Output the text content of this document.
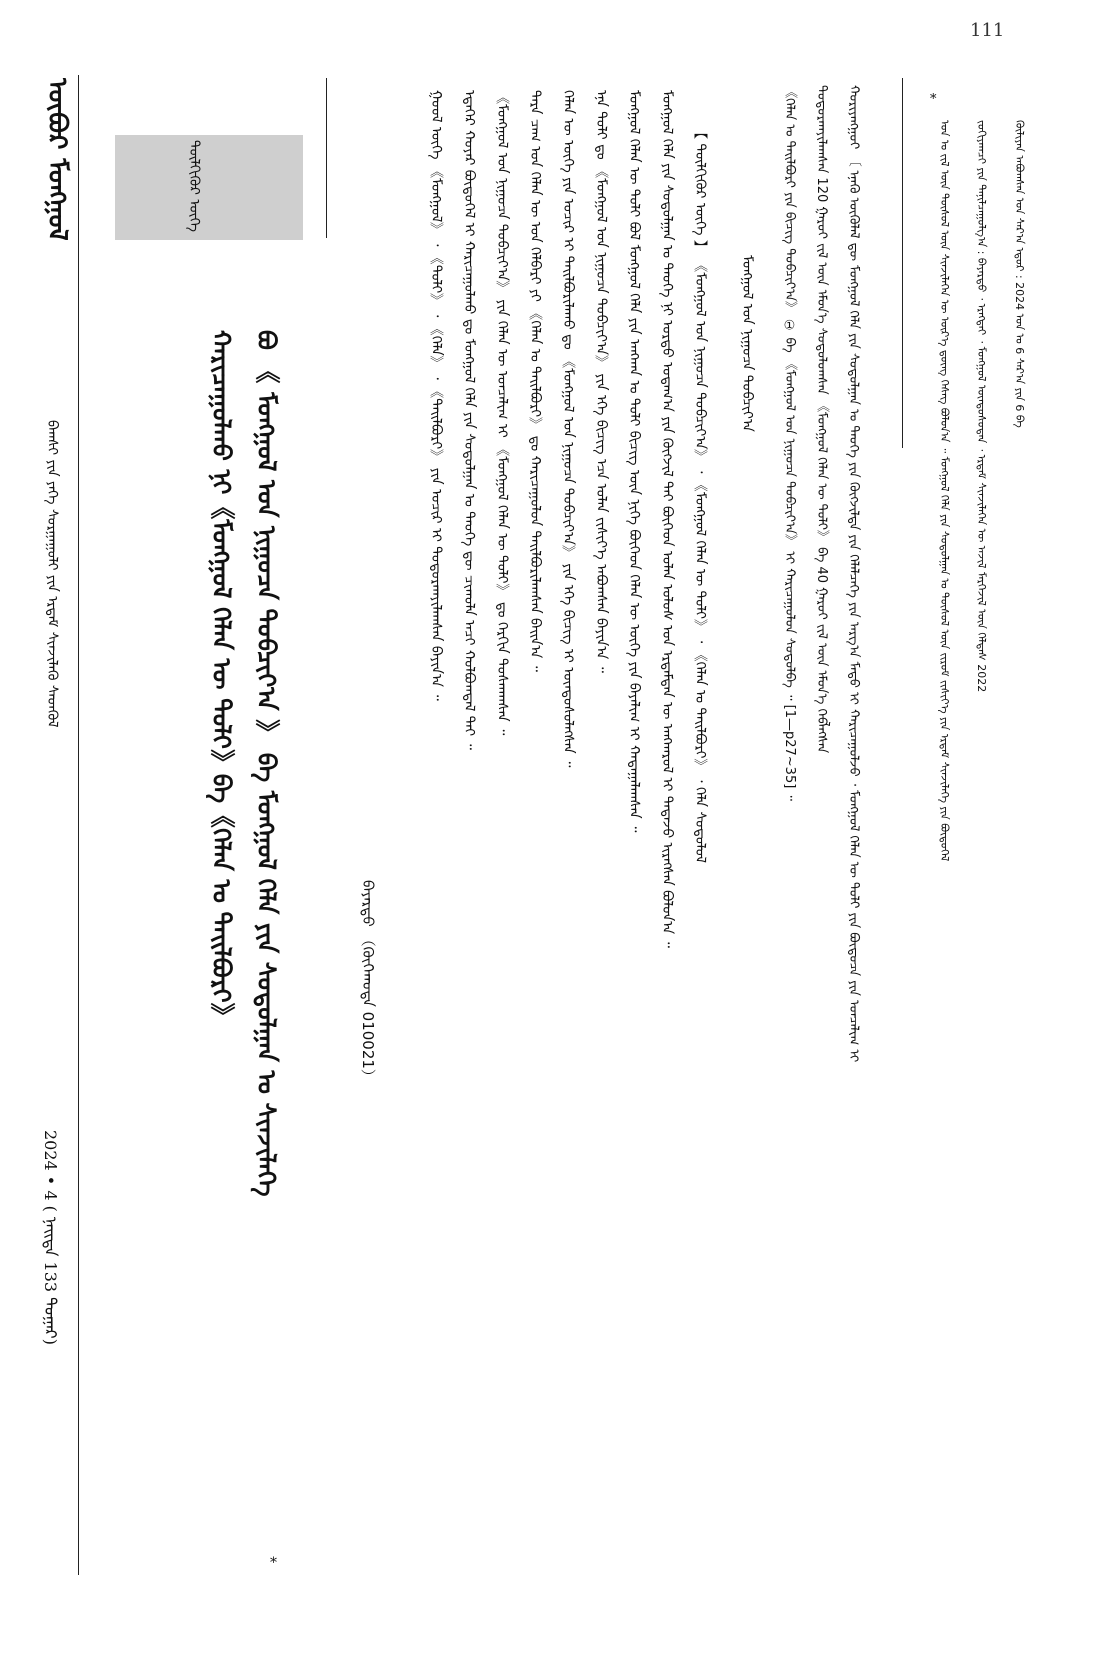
111
ᠥᠪᠦᠷ ᠮᠣᠩᠭᠣᠯ
ᠪᠠᠭᠰᠢ ᠶᠢᠨ ᠶᠡᠬᠡ ᠰᠤᠷᠭᠠᠭᠤᠯᠢ ᠶᠢᠨ ᠡᠷᠳᠡᠮ ᠰᠢᠨᠵᠢᠯᠡᠬᠦ ᠰᠡᠳᠬᠦᠯ
2024 • 4 ( ᠨᠡᠢᠲᠡ 133 ᠳᠤᠭᠠᠷ)
ᠲᠦᠯᠬᠢᠭᠦᠷ ᠦᠭᠡ
ᠪᠣ 《 ᠮᠣᠩᠭᠣᠯ ᠤᠨ ᠨᠢᠭᠤᠴᠠ ᠲᠣᠪᠴᠢᠶ᠎ᠠ 》 ᠪᠠ ᠮᠣᠩᠭᠣᠯ ᠬᠡᠯᠡ ᠶᠢᠨ ᠰᠤᠳᠤᠯᠭᠠᠨ ᠤ ᠰᠢᠨᠵᠢᠯᠡᠭᠡ
ᠬᠠᠷᠢᠴᠠᠭᠤᠯᠬᠤ ᠨᠢ《ᠮᠣᠩᠭᠣᠯ ᠬᠡᠯᠡᠨ ᠦ ᠲᠣᠯᠢ》ᠪᠠ《ᠬᠡᠯᠡᠨ ᠤ ᠲᠠᠢᠯᠪᠤᠷᠢ》
*
ᠪᠠᠶᠠᠷᠲᠤ （ᠬᠥᠬᠡᠬᠣᠲᠠ 010021）
ᠮᠣᠩᠭᠣᠯ ᠤᠨ ᠨᠢᠭᠤᠴᠠ ᠲᠣᠪᠴᠢᠶ᠎ᠠ
【 ᠲᠦᠯᠬᠢᠭᠦᠷ ᠦᠭᠡ 】 《ᠮᠣᠩᠭᠣᠯ ᠤᠨ ᠨᠢᠭᠤᠴᠠ ᠲᠣᠪᠴᠢᠶ᠎ᠠ》 ᠂ 《ᠮᠣᠩᠭᠣᠯ ᠬᠡᠯᠡᠨ ᠦ ᠲᠣᠯᠢ》 ᠂ 《ᠬᠡᠯᠡᠨ ᠤ ᠲᠠᠢᠯᠪᠤᠷᠢ》 ᠂ ᠬᠡᠯᠡ ᠰᠤᠳᠤᠯᠤᠯ
ᠮᠣᠩᠭᠣᠯ ᠬᠡᠯᠡ ᠶᠢᠨ ᠰᠤᠳᠤᠯᠭᠠᠨ ᠤ ᠲᠡᠦᠬᠡ ᠨᠢ ᠤᠷᠲᠤ ᠤᠳᠠᠭ᠎ᠠ ᠶᠢᠨ ᠬᠥᠭᠵᠢᠯ ᠲᠡᠢ ᠪᠥᠭᠡᠳ ᠣᠯᠠᠨ ᠤᠯᠤᠰ ᠤᠨ ᠡᠷᠳᠡᠮᠲᠡᠨ ᠦ ᠠᠩᠬᠠᠷᠤᠯ ᠢ ᠲᠠᠲᠠᠵᠤ ᠢᠷᠡᠭᠰᠡᠨ ᠪᠣᠯᠤᠨ᠎ᠠ ᠃
ᠮᠣᠩᠭᠣᠯ ᠬᠡᠯᠡᠨ ᠦ ᠲᠣᠯᠢ ᠪᠣᠯ ᠮᠣᠩᠭᠣᠯ ᠬᠡᠯᠡ ᠶᠢᠨ ᠠᠩᠬᠠᠨ ᠤ ᠲᠣᠯᠢ ᠪᠢᠴᠢᠭ ᠦᠨ ᠨᠢᠭᠡ ᠪᠥᠭᠡᠳ ᠬᠡᠯᠡᠨ ᠦ ᠦᠭᠡ ᠶᠢᠨ ᠪᠠᠶᠠᠯᠢᠭ ᠢ ᠬᠠᠳᠠᠭᠠᠯᠠᠭᠰᠠᠨ ᠃
ᠡᠨᠡ ᠲᠣᠯᠢ ᠳᠤ 《ᠮᠣᠩᠭᠣᠯ ᠤᠨ ᠨᠢᠭᠤᠴᠠ ᠲᠣᠪᠴᠢᠶ᠎ᠠ》 ᠶᠢᠨ ᠡᠬᠡ ᠪᠢᠴᠢᠭ ᠡᠴᠡ ᠣᠯᠠᠨ ᠵᠢᠱᠢᠶ᠎ᠡ ᠠᠪᠤᠭᠰᠠᠨ ᠪᠠᠶᠢᠨ᠎ᠠ ᠃
ᠬᠡᠯᠡᠨ ᠦ ᠦᠭᠡ ᠶᠢᠨ ᠤᠴᠢᠷ ᠢ ᠲᠠᠢᠯᠪᠤᠷᠢᠯᠠᠬᠤ ᠳᠤ 《ᠮᠣᠩᠭᠣᠯ ᠤᠨ ᠨᠢᠭᠤᠴᠠ ᠲᠣᠪᠴᠢᠶ᠎ᠠ》 ᠶᠢᠨ ᠡᠬᠡ ᠪᠢᠴᠢᠭ ᠢ ᠦᠨᠳᠦᠰᠦᠯᠡᠭᠰᠡᠨ ᠃
ᠲᠡᠷᠡ ᠴᠠᠭ ᠤᠨ ᠬᠡᠯᠡᠨ ᠦ ᠤᠨ ᠬᠡᠯᠪᠡᠷᠢ ᠶᠢ 《ᠬᠡᠯᠡᠨ ᠤ ᠲᠠᠢᠯᠪᠤᠷᠢ》 ᠳᠤ ᠬᠠᠷᠢᠴᠠᠭᠤᠯᠤᠨ ᠲᠠᠢᠯᠪᠤᠷᠢᠯᠠᠭᠰᠠᠨ ᠪᠠᠢᠨ᠎ᠠ ᠃
《ᠮᠣᠩᠭᠣᠯ ᠤᠨ ᠨᠢᠭᠤᠴᠠ ᠲᠣᠪᠴᠢᠶ᠎ᠠ》 ᠶᠢᠨ ᠬᠡᠯᠡᠨ ᠦ ᠣᠨᠴᠠᠯᠢᠭ ᠢ 《ᠮᠣᠩᠭᠣᠯ ᠬᠡᠯᠡᠨ ᠦ ᠲᠣᠯᠢ》 ᠳᠤ ᠬᠡᠷᠬᠢᠨ ᠲᠤᠰᠬᠠᠭᠰᠠᠨ ᠃
ᠡᠳᠡᠭᠡᠷ ᠬᠣᠶᠠᠷ ᠪᠦᠲᠦᠭᠡᠯ ᠢ ᠬᠠᠷᠢᠴᠠᠭᠤᠯᠬᠤ ᠳᠤ ᠮᠣᠩᠭᠣᠯ ᠬᠡᠯᠡ ᠶᠢᠨ ᠰᠤᠳᠤᠯᠭᠠᠨ ᠤ ᠲᠡᠦᠬᠡ ᠳᠦ ᠴᠢᠬᠤᠯᠠ ᠠᠴᠢ ᠬᠣᠯᠪᠣᠭᠳᠠᠯ ᠲᠠᠢ ᠃
ᠭᠣᠣᠯ ᠦᠭᠡ 《ᠮᠣᠩᠭᠣᠯ》 ᠂ 《ᠲᠣᠯᠢ》 ᠂ 《ᠬᠡᠯᠡ》 ᠂ 《ᠲᠠᠢᠯᠪᠤᠷᠢ》 ᠶᠢᠨ ᠤᠴᠢᠷ ᠢ ᠲᠣᠳᠤᠷᠬᠠᠶᠢᠯᠠᠭᠰᠠᠨ ᠪᠠᠶᠢᠨ᠎ᠠ ᠃	ᠬᠤᠷᠢᠶᠠᠩᠭᠤᠢ 〔 ᠡᠨᠡᠬᠦ ᠥᠭᠦᠯᠡᠯ ᠳᠦ ᠮᠣᠩᠭᠣᠯ ᠬᠡᠯᠡ ᠶᠢᠨ ᠰᠤᠳᠤᠯᠭᠠᠨ ᠤ ᠲᠡᠦᠬᠡ ᠶᠢᠨ ᠬᠥᠭᠵᠢᠯᠲᠡ ᠶᠢᠨ ᠬᠡᠯᠡᠯᠴᠡᠭᠡ ᠶᠢᠨ ᠠᠷᠭ᠎ᠠ ᠮᠡᠲᠦ ᠢ ᠬᠠᠷᠢᠴᠠᠭᠤᠯᠵᠤ ᠂ ᠮᠣᠩᠭᠣᠯ ᠬᠡᠯᠡᠨ ᠦ ᠲᠣᠯᠢ ᠶᠢᠨ ᠪᠦᠲᠦᠴᠡ ᠶᠢᠨ ᠣᠨᠴᠠᠯᠢᠭ ᠢ
ᠲᠣᠳᠤᠷᠬᠠᠶᠢᠯᠠᠭᠰᠠᠨ 120 ᠭᠠᠷᠤᠢ ᠵᠢᠯ ᠦᠨ ᠡᠮᠦᠨ᠎ᠡ ᠰᠤᠳᠤᠯᠤᠭᠰᠠᠨ 《ᠮᠣᠩᠭᠣᠯ ᠬᠡᠯᠡᠨ ᠦ ᠲᠣᠯᠢ》 ᠪᠠ 40 ᠭᠠᠷᠤᠢ ᠵᠢᠯ ᠦᠨ ᠡᠮᠦᠨ᠎ᠡ ᠬᠡᠪᠯᠡᠭᠰᠡᠨ
《ᠬᠡᠯᠡᠨ ᠤ ᠲᠠᠢᠯᠪᠤᠷᠢ ᠶᠢᠨ ᠪᠢᠴᠢᠭ ᠲᠣᠪᠴᠢᠶ᠎ᠠ》 ① ᠪᠠ 《ᠮᠣᠩᠭᠣᠯ ᠤᠨ ᠨᠢᠭᠤᠴᠠ ᠲᠣᠪᠴᠢᠶ᠎ᠠ》 ᠢ ᠬᠠᠷᠢᠴᠠᠭᠤᠯᠤᠨ ᠰᠤᠳᠤᠯᠪᠠ ᠃ [1—p27~35] ᠃	*
ᠬᠦᠯᠢᠶᠡᠨ ᠠᠪᠤᠭᠰᠠᠨ ᠣᠨ ᠰᠠᠷ᠎ᠠ ᠡᠳᠦᠷ : 2024 ᠣᠨ ᠤ 6 ᠰᠠᠷ᠎ᠠ ᠶᠢᠨ 6 ᠪᠠ
ᠵᠣᠬᠢᠶᠠᠭᠴᠢ ᠶᠢᠨ ᠲᠠᠨᠢᠯᠴᠠᠭᠤᠯᠭ᠎ᠠ : ᠪᠠᠶᠠᠷᠲᠤ ᠂ ᠡᠷᠡᠭᠲᠡᠢ ᠂ ᠮᠣᠩᠭᠣᠯ ᠦᠨᠳᠦᠰᠦᠲᠡᠨ ᠂ ᠡᠷᠳᠡᠮ ᠰᠢᠨᠵᠢᠯᠡᠭᠡᠨ ᠦ ᠠᠵᠢᠯ ᠮᠡᠷᠭᠡᠵᠢᠯ ᠦᠨ ᠬᠡᠯᠲᠡᠰ 2022
ᠣᠨ ᠤ ᠵᠢᠯ ᠦᠨ ᠲᠥᠰᠥᠯ ᠦᠨ ᠰᠢᠨᠵᠢᠯᠡᠭᠡᠨ ᠦ ᠦᠷ᠎ᠡ ᠳ᠋ᠦᠩ ᠬᠡᠰᠡᠭ ᠪᠣᠯᠤᠨ᠎ᠠ ᠃ ᠮᠣᠩᠭᠣᠯ ᠬᠡᠯᠡ ᠶᠢᠨ ᠰᠤᠳᠤᠯᠭᠠᠨ ᠤ ᠲᠥᠰᠥᠯ ᠦᠨ ᠵᠢᠷᠤᠮ ᠵᠢᠱᠢᠶ᠎ᠡ ᠶᠢᠨ ᠡᠷᠳᠡᠮ ᠰᠢᠨᠵᠢᠯᠡᠭᠡ ᠶᠢᠨ ᠪᠦᠲᠦᠭᠡᠯ
